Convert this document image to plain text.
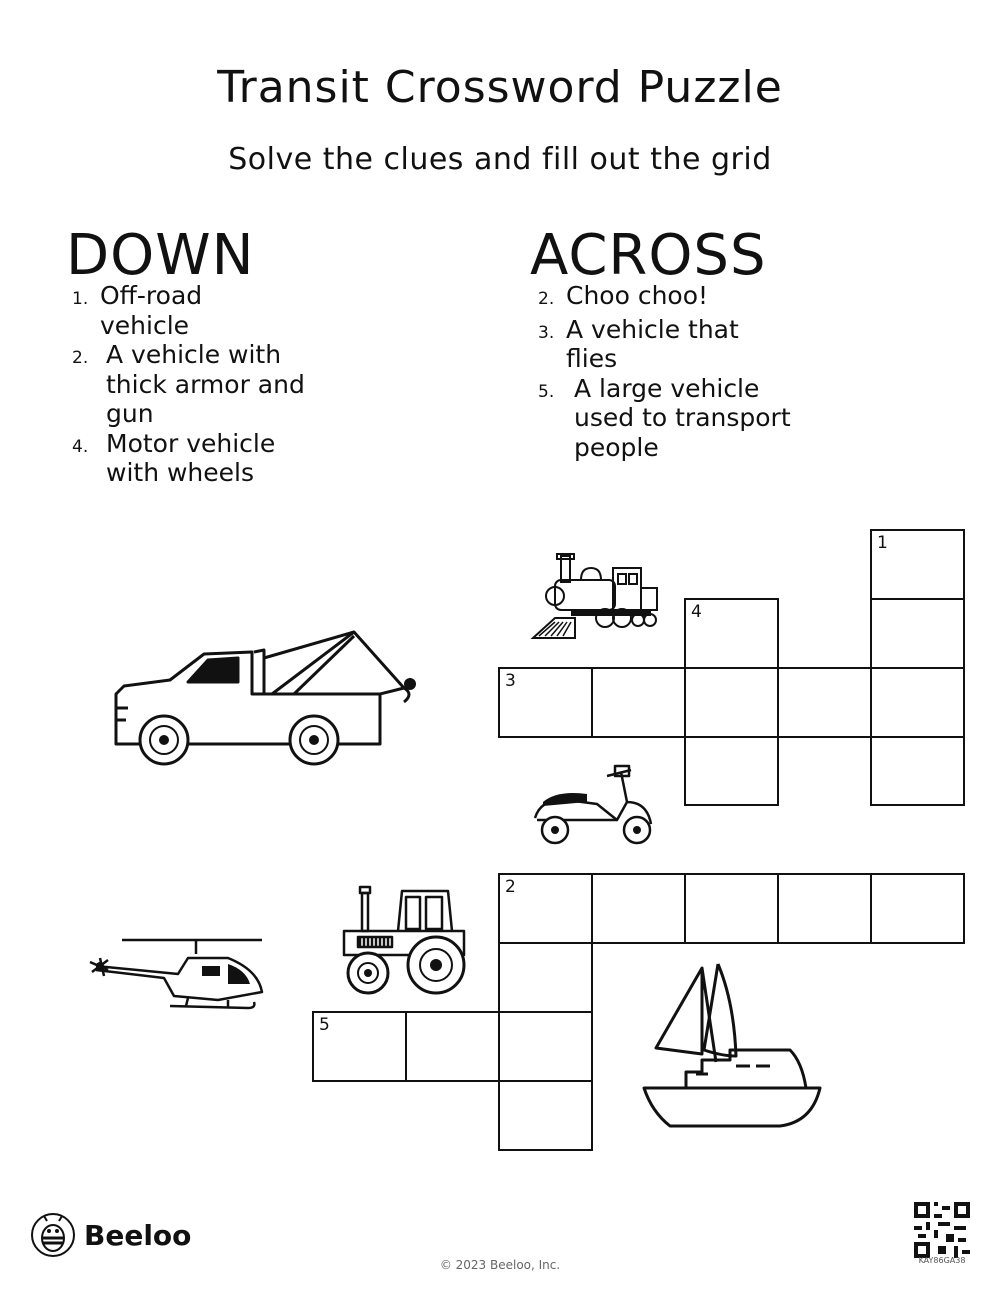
Transit Crossword Puzzle
Solve the clues and fill out the grid
DOWN
1. Off-road
vehicle
2. A vehicle with
thick armor and
gun
4. Motor vehicle
with wheels
ACROSS
2. Choo choo!
3. A vehicle that
flies
5. A large vehicle
used to transport
people
1
4
3
2
5
Beeloo
© 2023 Beeloo, Inc.	KAY86GA38
